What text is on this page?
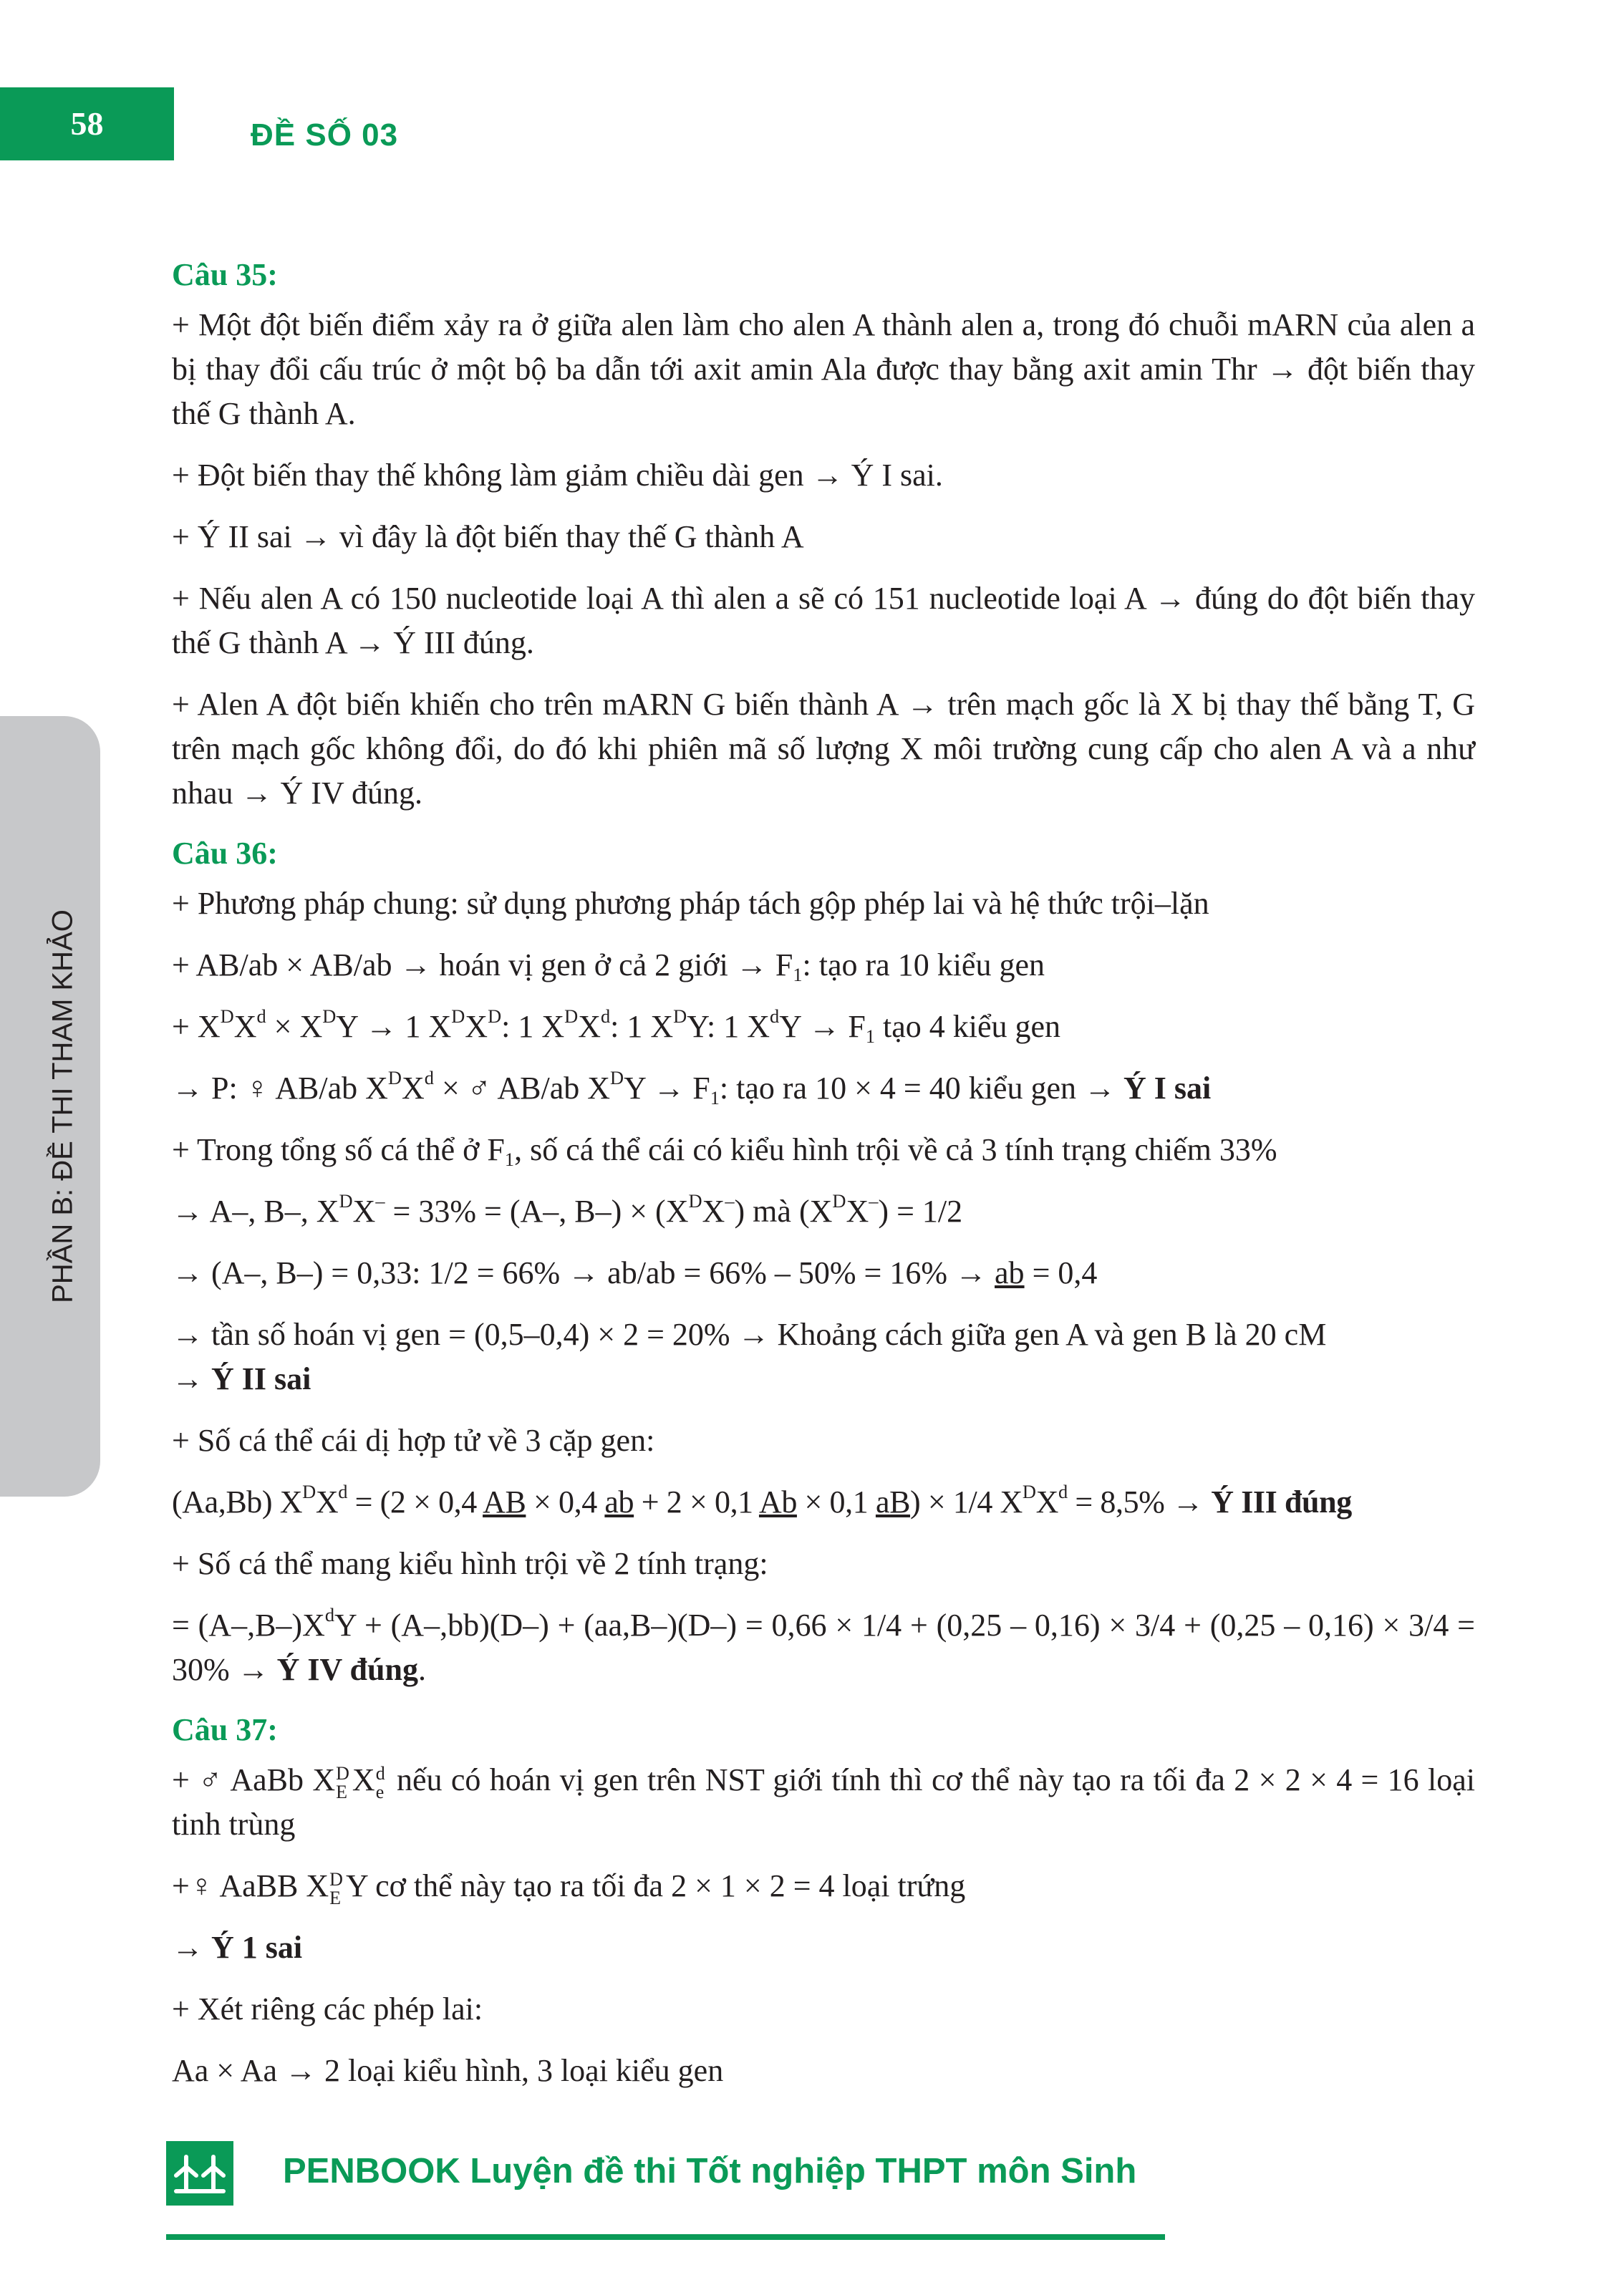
58	ĐỀ SỐ 03
PHẦN B: ĐỀ THI THAM KHẢO
Câu 35:
+ Một đột biến điểm xảy ra ở giữa alen làm cho alen A thành alen a, trong đó chuỗi mARN của alen a bị thay đổi cấu trúc ở một bộ ba dẫn tới axit amin Ala được thay bằng axit amin Thr → đột biến thay thế G thành A.
+ Đột biến thay thế không làm giảm chiều dài gen → Ý I sai.
+ Ý II sai → vì đây là đột biến thay thế G thành A
+ Nếu alen A có 150 nucleotide loại A thì alen a sẽ có 151 nucleotide loại A → đúng do đột biến thay thế G thành A → Ý III đúng.
+ Alen A đột biến khiến cho trên mARN G biến thành A → trên mạch gốc là X bị thay thế bằng T, G trên mạch gốc không đổi, do đó khi phiên mã số lượng X môi trường cung cấp cho alen A và a như nhau → Ý IV đúng.
Câu 36:
+ Phương pháp chung: sử dụng phương pháp tách gộp phép lai và hệ thức trội–lặn
+ AB/ab × AB/ab → hoán vị gen ở cả 2 giới → $F_1$: tạo ra 10 kiểu gen
+ $X^DX^d \times X^DY \to 1$ $X^DX^D$: 1 $X^DX^d$: 1 $X^DY$: 1 $X^dY \to F_1$ tạo 4 kiểu gen
→ P: ♀ AB/ab $X^DX^d$ × ♂ AB/ab $X^DY \to F_1$: tạo ra 10 × 4 = 40 kiểu gen → Ý I sai
+ Trong tổng số cá thể ở $F_1$, số cá thể cái có kiểu hình trội về cả 3 tính trạng chiếm 33%
→ A–, B–, $X^DX^- = 33\% = (A-$, $B-) \times (X^DX^-)$ mà $(X^DX^-) = 1/2$
→ (A–, B–) = 0,33: 1/2 = 66% → ab/ab = 66% – 50% = 16% → ab = 0,4
→ tần số hoán vị gen = (0,5–0,4) × 2 = 20% → Khoảng cách giữa gen A và gen B là 20 cM
→ Ý II sai
+ Số cá thể cái dị hợp tử về 3 cặp gen:
(Aa,Bb) $X^DX^d = (2 \times 0,4$ AB × 0,4 ab + 2 × 0,1 Ab × 0,1 aB) × 1/4 $X^DX^d = 8,5\%$ → Ý III đúng
+ Số cá thể mang kiểu hình trội về 2 tính trạng:
= $(A-,B-)X^dY + (A-,bb)(D-) + (aa,B-)(D-) = 0,66 \times 1/4 + (0,25 - 0,16) \times 3/4 + (0,25 - 0,16) \times 3/4 = 30\%$ → Ý IV đúng.
Câu 37:
+ ♂ AaBb X D
E X d
e nếu có hoán vị gen trên NST giới tính thì cơ thể này tạo ra tối đa 2 × 2 × 4 = 16 loại tinh trùng
+♀ AaBB X D
E Y cơ thể này tạo ra tối đa 2 × 1 × 2 = 4 loại trứng
→ Ý 1 sai
+ Xét riêng các phép lai:
Aa × Aa → 2 loại kiểu hình, 3 loại kiểu gen
PENBOOK Luyện đề thi Tốt nghiệp THPT môn Sinh
